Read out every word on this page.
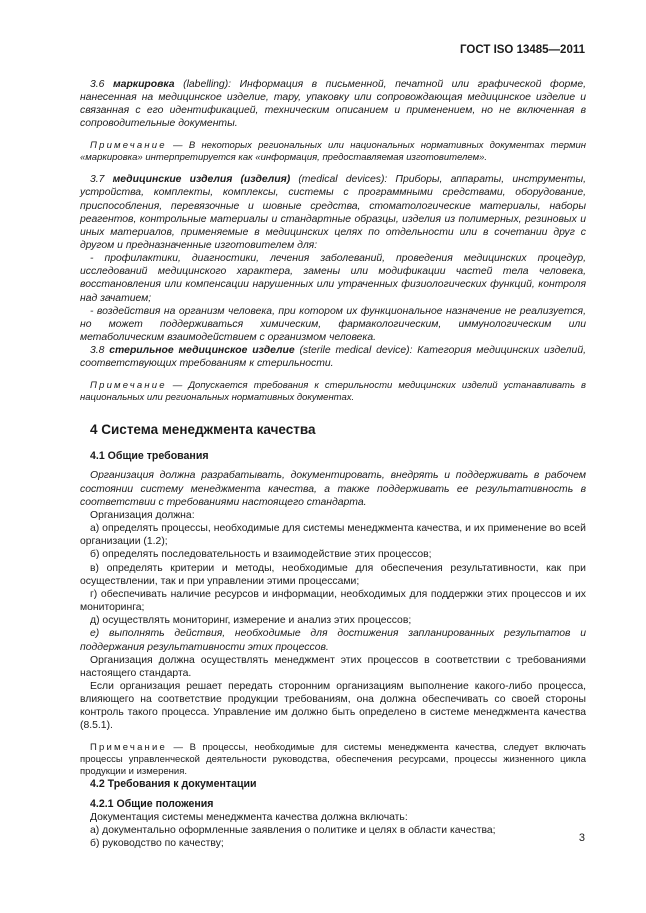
ГОСТ ISO 13485—2011

3.6 маркировка (labelling): Информация в письменной, печатной или графической форме, нанесенная на медицинское изделие, тару, упаковку или сопровождающая медицинское изделие и связанная с его идентификацией, техническим описанием и применением, но не включенная в сопроводительные документы.

Примечание — В некоторых региональных или национальных нормативных документах термин «маркировка» интерпретируется как «информация, предоставляемая изготовителем».

3.7 медицинские изделия (изделия) (medical devices): Приборы, аппараты, инструменты, устройства, комплекты, комплексы, системы с программными средствами, оборудование, приспособления, перевязочные и шовные средства, стоматологические материалы, наборы реагентов, контрольные материалы и стандартные образцы, изделия из полимерных, резиновых и иных материалов, применяемые в медицинских целях по отдельности или в сочетании друг с другом и предназначенные изготовителем для:

- профилактики, диагностики, лечения заболеваний, проведения медицинских процедур, исследований медицинского характера, замены или модификации частей тела человека, восстановления или компенсации нарушенных или утраченных физиологических функций, контроля над зачатием;

- воздействия на организм человека, при котором их функциональное назначение не реализуется, но может поддерживаться химическим, фармакологическим, иммунологическим или метаболическим взаимодействием с организмом человека.

3.8 стерильное медицинское изделие (sterile medical device): Категория медицинских изделий, соответствующих требованиям к стерильности.

Примечание — Допускается требования к стерильности медицинских изделий устанавливать в национальных или региональных нормативных документах.

4 Система менеджмента качества

4.1 Общие требования

Организация должна разрабатывать, документировать, внедрять и поддерживать в рабочем состоянии систему менеджмента качества, а также поддерживать ее результативность в соответствии с требованиями настоящего стандарта.

Организация должна:

а) определять процессы, необходимые для системы менеджмента качества, и их применение во всей организации (1.2);

б) определять последовательность и взаимодействие этих процессов;

в) определять критерии и методы, необходимые для обеспечения результативности, как при осуществлении, так и при управлении этими процессами;

г) обеспечивать наличие ресурсов и информации, необходимых для поддержки этих процессов и их мониторинга;

д) осуществлять мониторинг, измерение и анализ этих процессов;

е) выполнять действия, необходимые для достижения запланированных результатов и поддержания результативности этих процессов.

Организация должна осуществлять менеджмент этих процессов в соответствии с требованиями настоящего стандарта.

Если организация решает передать сторонним организациям выполнение какого-либо процесса, влияющего на соответствие продукции требованиям, она должна обеспечивать со своей стороны контроль такого процесса. Управление им должно быть определено в системе менеджмента качества (8.5.1).

Примечание — В процессы, необходимые для системы менеджмента качества, следует включать процессы управленческой деятельности руководства, обеспечения ресурсами, процессы жизненного цикла продукции и измерения.

4.2 Требования к документации

4.2.1 Общие положения

Документация системы менеджмента качества должна включать:

а) документально оформленные заявления о политике и целях в области качества;

б) руководство по качеству;	3
